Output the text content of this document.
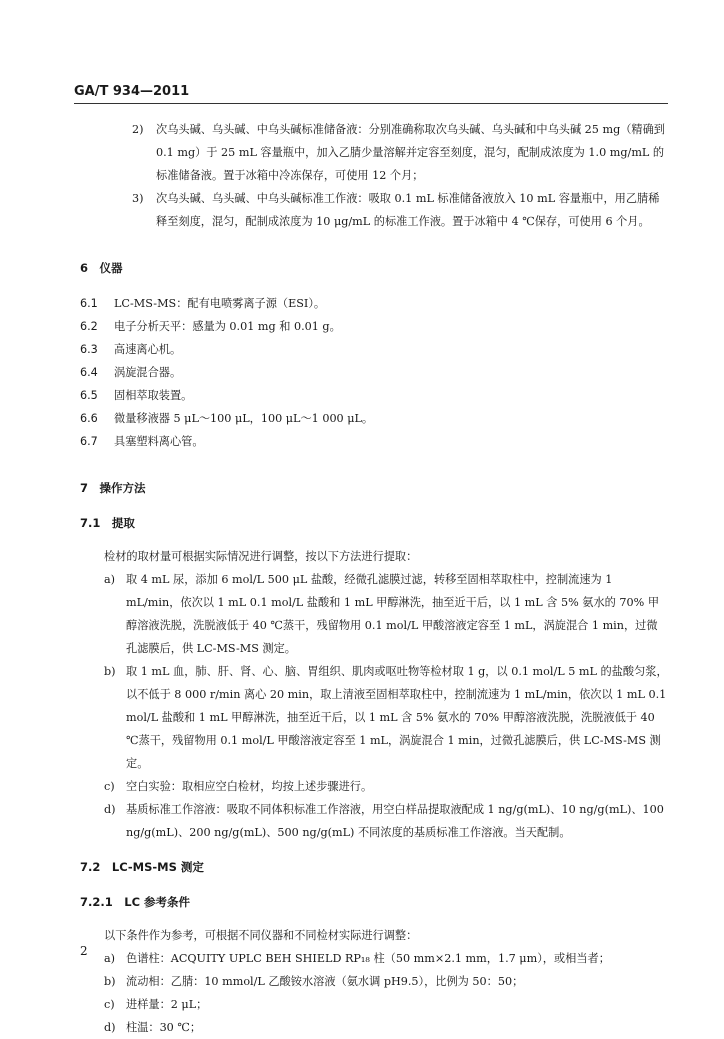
GA/T 934—2011
2) 次乌头碱、乌头碱、中乌头碱标准储备液：分别准确称取次乌头碱、乌头碱和中乌头碱 25 mg（精确到 0.1 mg）于 25 mL 容量瓶中，加入乙腈少量溶解并定容至刻度，混匀，配制成浓度为 1.0 mg/mL 的标准储备液。置于冰箱中冷冻保存，可使用 12 个月；
3) 次乌头碱、乌头碱、中乌头碱标准工作液：吸取 0.1 mL 标准储备液放入 10 mL 容量瓶中，用乙腈稀释至刻度，混匀，配制成浓度为 10 μg/mL 的标准工作液。置于冰箱中 4 ℃保存，可使用 6 个月。
6　仪器
6.1	LC-MS-MS：配有电喷雾离子源（ESI）。
6.2	电子分析天平：感量为 0.01 mg 和 0.01 g。
6.3	高速离心机。
6.4	涡旋混合器。
6.5	固相萃取装置。
6.6	微量移液器 5 μL～100 μL，100 μL～1 000 μL。
6.7	具塞塑料离心管。
7　操作方法
7.1　提取
检材的取材量可根据实际情况进行调整，按以下方法进行提取：
a) 取 4 mL 尿，添加 6 mol/L 500 μL 盐酸，经微孔滤膜过滤，转移至固相萃取柱中，控制流速为 1 mL/min，依次以 1 mL 0.1 mol/L 盐酸和 1 mL 甲醇淋洗，抽至近干后，以 1 mL 含 5% 氨水的 70% 甲醇溶液洗脱，洗脱液低于 40 ℃蒸干，残留物用 0.1 mol/L 甲酸溶液定容至 1 mL，涡旋混合 1 min，过微孔滤膜后，供 LC-MS-MS 测定。
b) 取 1 mL 血，肺、肝、肾、心、脑、胃组织、肌肉或呕吐物等检材取 1 g，以 0.1 mol/L 5 mL 的盐酸匀浆，以不低于 8 000 r/min 离心 20 min，取上清液至固相萃取柱中，控制流速为 1 mL/min，依次以 1 mL 0.1 mol/L 盐酸和 1 mL 甲醇淋洗，抽至近干后，以 1 mL 含 5% 氨水的 70% 甲醇溶液洗脱，洗脱液低于 40 ℃蒸干，残留物用 0.1 mol/L 甲酸溶液定容至 1 mL，涡旋混合 1 min，过微孔滤膜后，供 LC-MS-MS 测定。
c) 空白实验：取相应空白检材，均按上述步骤进行。
d) 基质标准工作溶液：吸取不同体积标准工作溶液，用空白样品提取液配成 1 ng/g(mL)、10 ng/g(mL)、100 ng/g(mL)、200 ng/g(mL)、500 ng/g(mL) 不同浓度的基质标准工作溶液。当天配制。
7.2　LC-MS-MS 测定
7.2.1　LC 参考条件
以下条件作为参考，可根据不同仪器和不同检材实际进行调整：
a) 色谱柱：ACQUITY UPLC BEH SHIELD RP₁₈ 柱（50 mm×2.1 mm，1.7 μm），或相当者；
b) 流动相：乙腈：10 mmol/L 乙酸铵水溶液（氨水调 pH9.5），比例为 50：50；
c) 进样量：2 μL；
d) 柱温：30 ℃；
2
